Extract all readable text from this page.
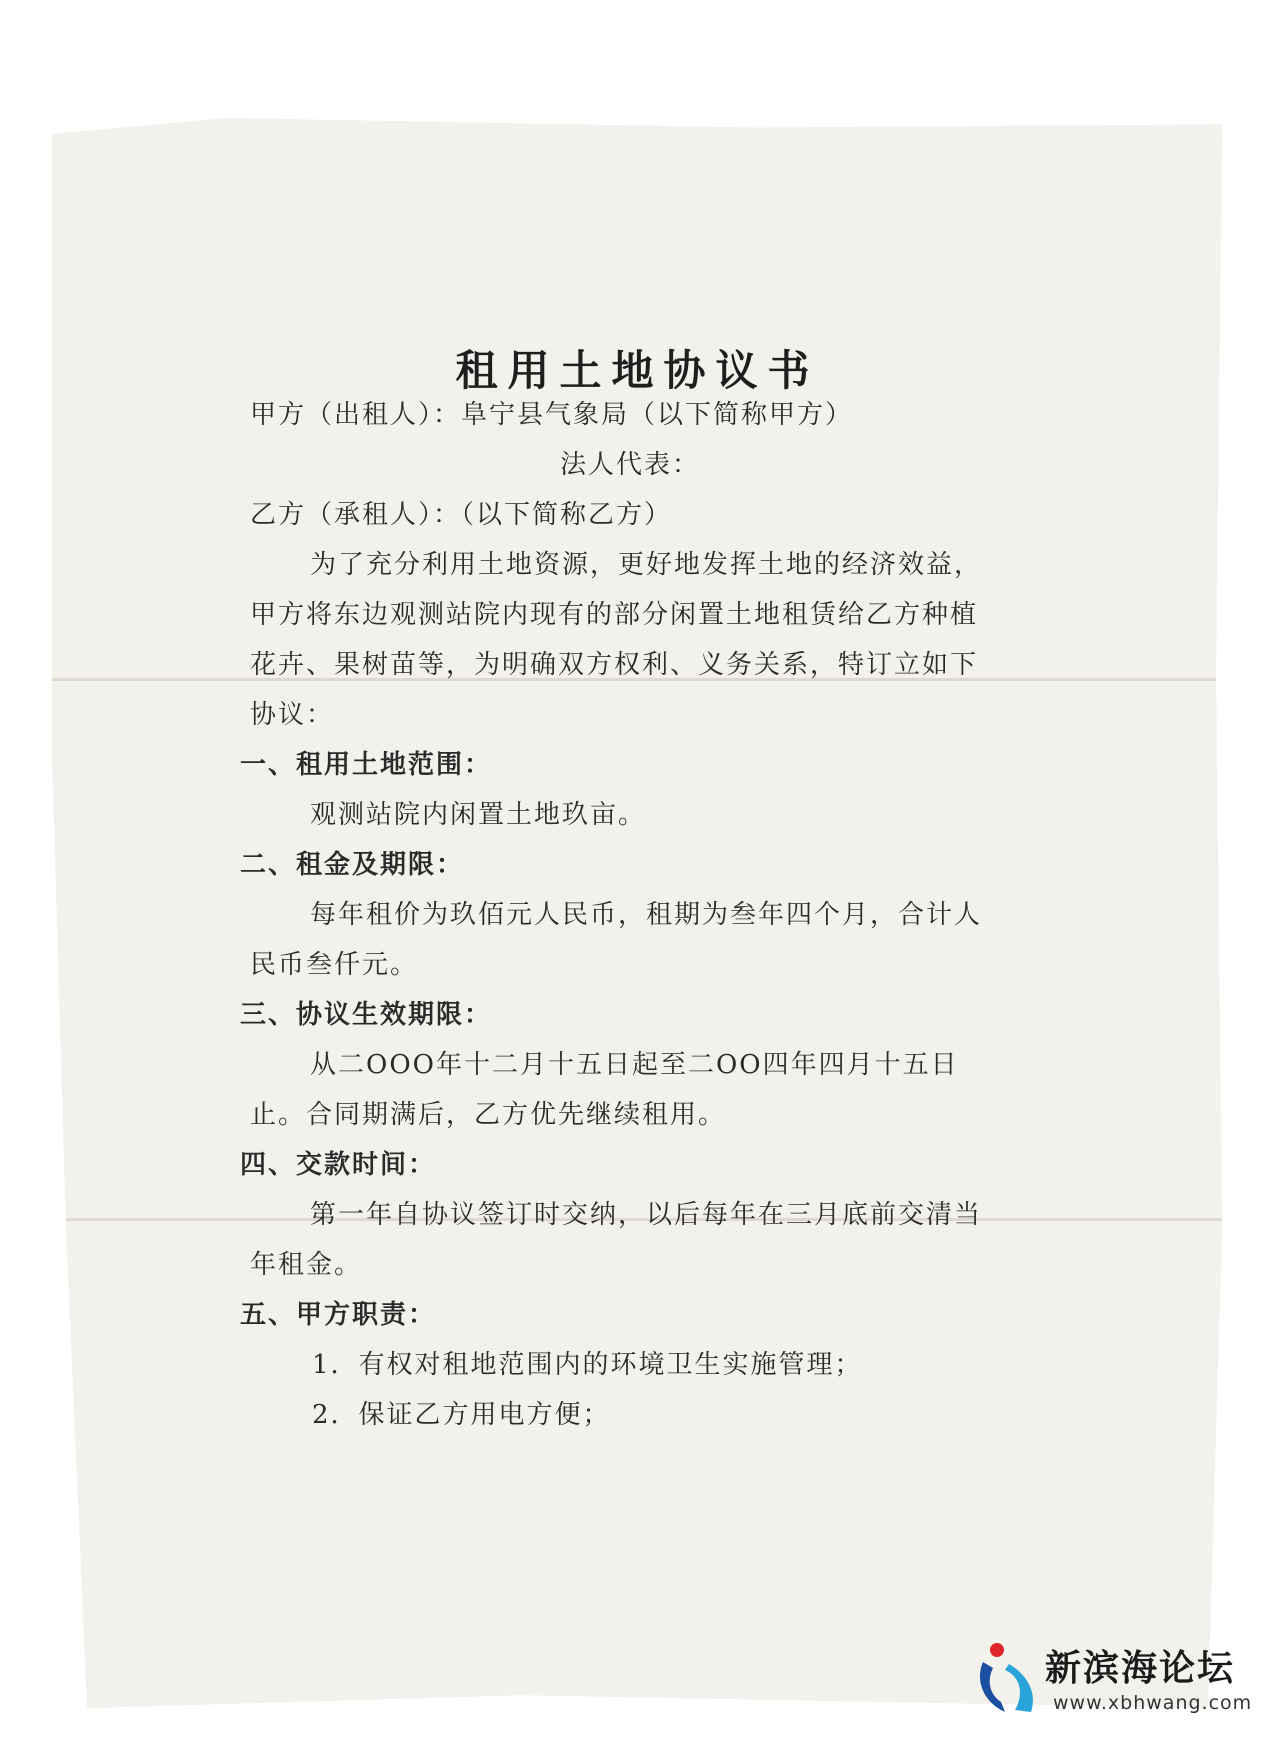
租用土地协议书
甲方（出租人）：阜宁县气象局（以下简称甲方）
法人代表：
乙方（承租人）：（以下简称乙方）
为了充分利用土地资源，更好地发挥土地的经济效益，
甲方将东边观测站院内现有的部分闲置土地租赁给乙方种植
花卉、果树苗等，为明确双方权利、义务关系，特订立如下
协议：
一、租用土地范围：
观测站院内闲置土地玖亩。
二、租金及期限：
每年租价为玖佰元人民币，租期为叁年四个月，合计人
民币叁仟元。
三、协议生效期限：
从二OOO年十二月十五日起至二OO四年四月十五日
止。合同期满后，乙方优先继续租用。
四、交款时间：
第一年自协议签订时交纳，以后每年在三月底前交清当
年租金。
五、甲方职责：
1．有权对租地范围内的环境卫生实施管理；
2．保证乙方用电方便；
新滨海论坛
www.xbhwang.com
